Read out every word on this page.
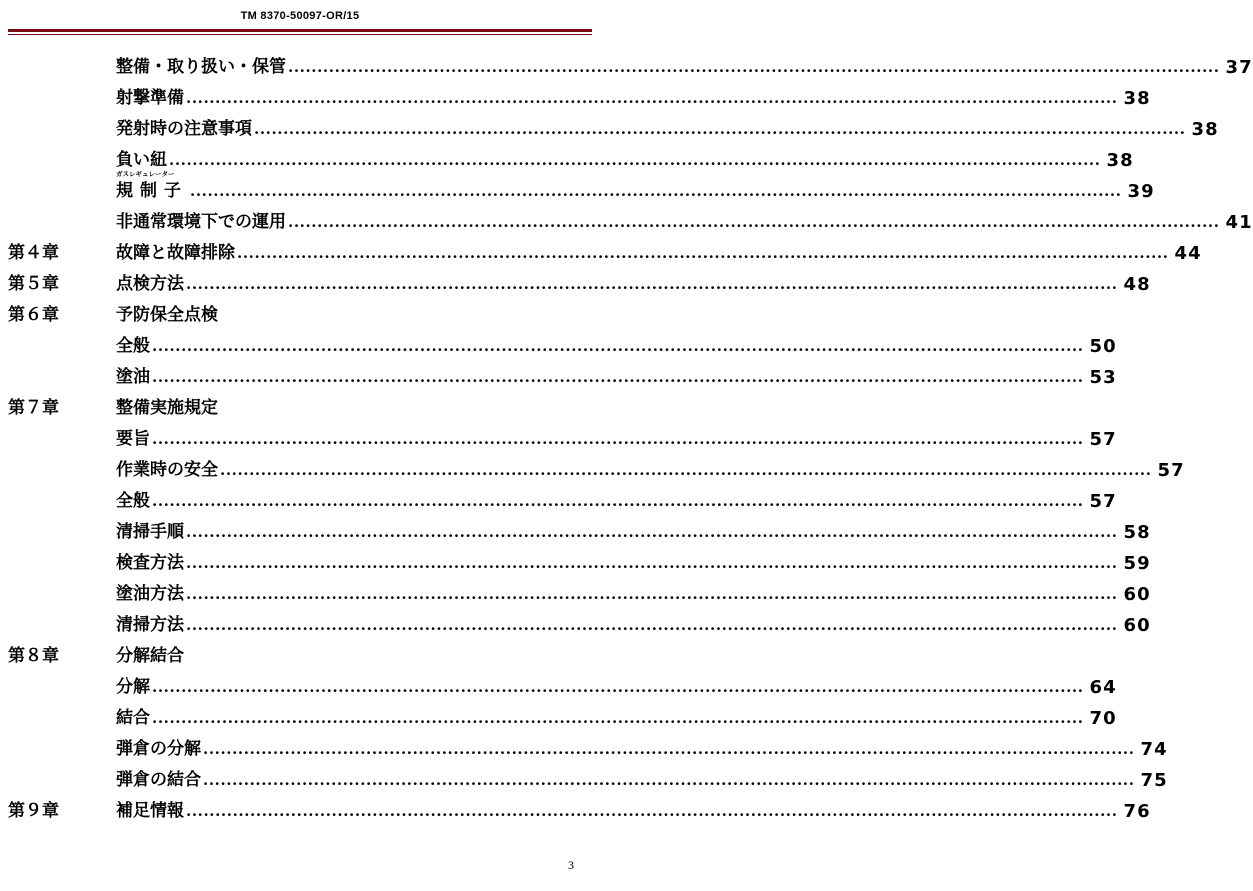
TM 8370-50097-OR/15
整備・取り扱い・保管 ................................................................................................................................................................ 37
射撃準備 ................................................................................................................................................................ 38
発射時の注意事項 ................................................................................................................................................................ 38
負い紐 ................................................................................................................................................................ 38
ガスレギュレーター
規制子 ................................................................................................................................................................ 39
非通常環境下での運用 ................................................................................................................................................................ 41
第４章	故障と故障排除 ................................................................................................................................................................ 44
第５章	点検方法 ................................................................................................................................................................ 48
第６章	予防保全点検
全般 ................................................................................................................................................................ 50
塗油 ................................................................................................................................................................ 53
第７章	整備実施規定
要旨 ................................................................................................................................................................ 57
作業時の安全 ................................................................................................................................................................ 57
全般 ................................................................................................................................................................ 57
清掃手順 ................................................................................................................................................................ 58
検査方法 ................................................................................................................................................................ 59
塗油方法 ................................................................................................................................................................ 60
清掃方法 ................................................................................................................................................................ 60
第８章	分解結合
分解 ................................................................................................................................................................ 64
結合 ................................................................................................................................................................ 70
弾倉の分解 ................................................................................................................................................................ 74
弾倉の結合 ................................................................................................................................................................ 75
第９章	補足情報 ................................................................................................................................................................ 76
3
